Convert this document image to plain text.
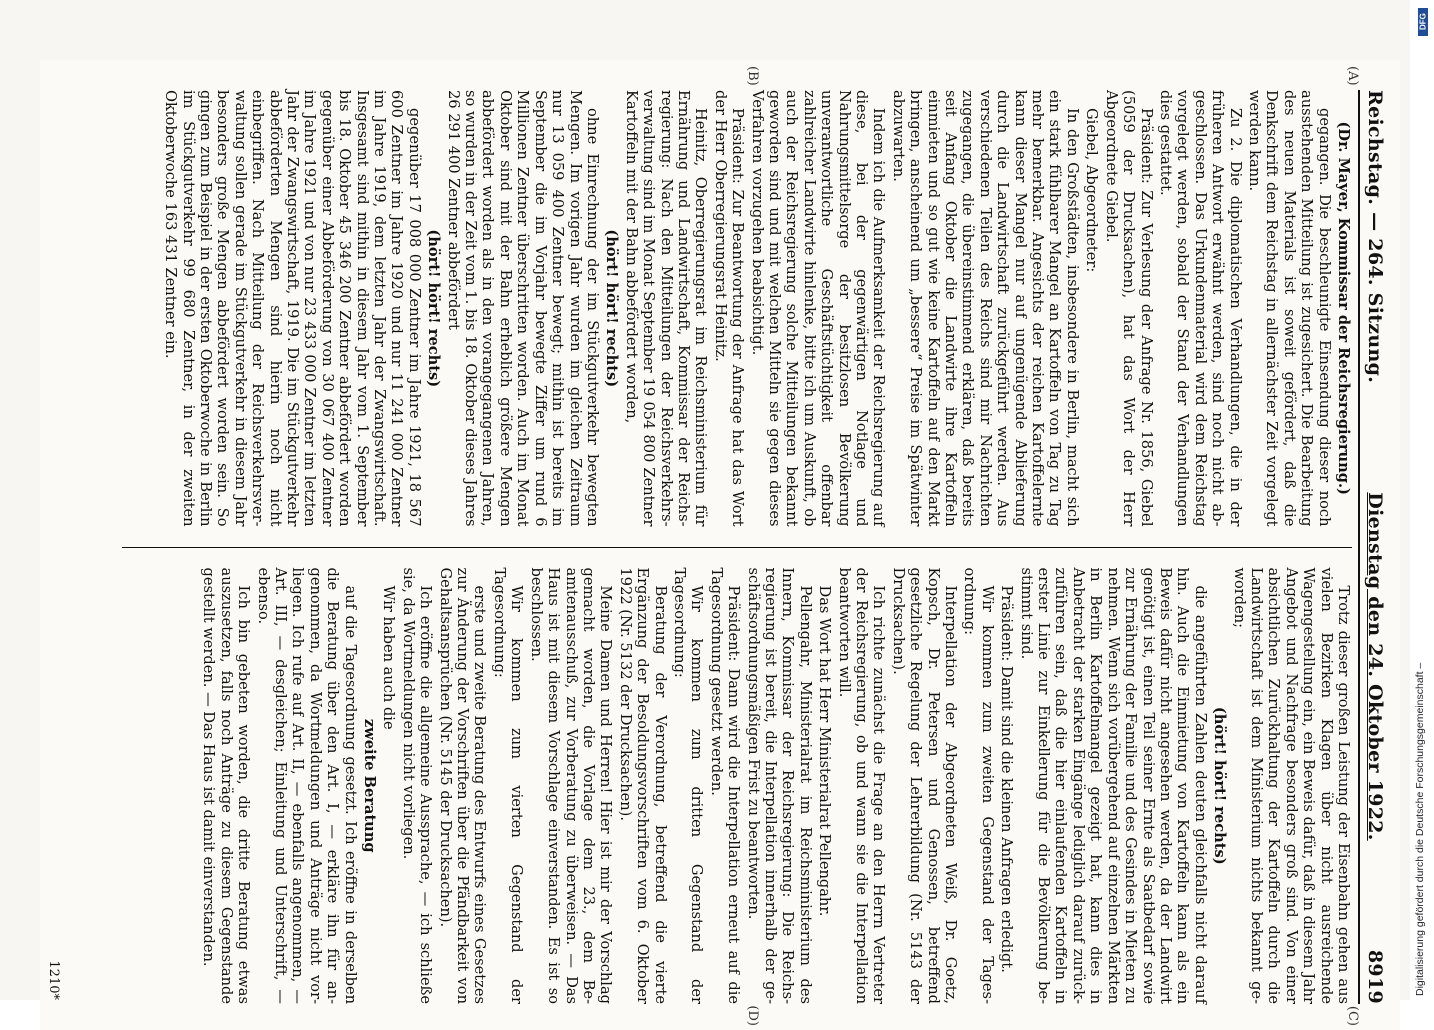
Reichstag. — 264. Sitzung.
Dienstag den 24. Oktober 1922.
8919

(Dr. Mayer, Kommissar der Reichsregierung.)

gegangen. Die beschleunigte Einsendung dieser noch ausstehenden Mitteilung ist zugesichert. Die Bearbeitung des neuen Materials ist soweit gefördert, daß die Denkschrift dem Reichstag in allernächster Zeit vorgelegt werden kann.

Zu 2. Die diplomatischen Verhandlungen, die in der früheren Antwort erwähnt werden, sind noch nicht abgeschlossen. Das Urkundenmaterial wird dem Reichstag vorgelegt werden, sobald der Stand der Verhandlungen dies gestattet.

Präsident: Zur Verlesung der Anfrage Nr. 1856, Giebel (5059 der Drucksachen), hat das Wort der Herr Abgeordnete Giebel.

Giebel, Abgeordneter:

In den Großstädten, insbesondere in Berlin, macht sich ein stark fühlbarer Mangel an Kartoffeln von Tag zu Tag mehr bemerkbar. Angesichts der reichen Kartoffelernte kann dieser Mangel nur auf ungenügende Ablieferung durch die Landwirtschaft zurückgeführt werden. Aus verschiedenen Teilen des Reichs sind mir Nachrichten zugegangen, die übereinstimmend erklären, daß bereits seit Anfang Oktober die Landwirte ihre Kartoffeln einmieten und so gut wie keine Kartoffeln auf den Markt bringen, anscheinend um „bessere“ Preise im Spätwinter abzuwarten.

Indem ich die Aufmerksamkeit der Reichsregierung auf diese, bei der gegenwärtigen Notlage und Nahrungsmittelsorge der besitzlosen Bevölkerung unverantwortliche Geschäftstüchtigkeit offenbar zahlreicher Landwirte hinlenke, bitte ich um Auskunft, ob auch der Reichsregierung solche Mitteilungen bekannt geworden sind und mit welchen Mitteln sie gegen dieses Verfahren vorzugehen beabsichtigt.

Präsident: Zur Beantwortung der Anfrage hat das Wort der Herr Oberregierungsrat Heinitz.

Heinitz, Oberregierungsrat im Reichsministerium für Ernährung und Landwirtschaft, Kommissar der Reichsregierung: Nach den Mitteilungen der Reichsverkehrsverwaltung sind im Monat September 19 054 800 Zentner Kartoffeln mit der Bahn abbefördert worden,

(hört! hört! rechts)

ohne Einrechnung der im Stückgutverkehr bewegten Mengen. Im vorigen Jahr wurden im gleichen Zeitraum nur 13 059 400 Zentner bewegt; mithin ist bereits im September die im Vorjahr bewegte Ziffer um rund 6 Millionen Zentner überschritten worden. Auch im Monat Oktober sind mit der Bahn erheblich größere Mengen abbefördert worden als in den vorangegangenen Jahren, so wurden in der Zeit vom 1. bis 18. Oktober dieses Jahres 26 291 400 Zentner abbefördert

(hört! hört! rechts)

gegenüber 17 008 000 Zentner im Jahre 1921, 18 567 600 Zentner im Jahre 1920 und nur 11 241 000 Zentner im Jahre 1919, dem letzten Jahr der Zwangswirtschaft. Insgesamt sind mithin in diesem Jahr vom 1. September bis 18. Oktober 45 346 200 Zentner abbefördert worden gegenüber einer Abbeförderung von 30 067 400 Zentner im Jahre 1921 und von nur 23 433 000 Zentner im letzten Jahr der Zwangswirtschaft, 1919. Die im Stückgutverkehr abbeförderten Mengen sind hierin noch nicht einbegriffen. Nach Mitteilung der Reichsverkehrsverwaltung sollen gerade im Stückgutverkehr in diesem Jahr besonders große Mengen abbefördert worden sein. So gingen zum Beispiel in der ersten Oktoberwoche in Berlin im Stückgutverkehr 99 680 Zentner, in der zweiten Oktoberwoche 163 431 Zentner ein.

Trotz dieser großen Leistung der Eisenbahn gehen aus vielen Bezirken Klagen über nicht ausreichende Wagengestellung ein, ein Beweis dafür, daß in diesem Jahr Angebot und Nachfrage besonders groß sind. Von einer absichtlichen Zurückhaltung der Kartoffeln durch die Landwirtschaft ist dem Ministerium nichts bekannt geworden;

(hört! hört! rechts)

die angeführten Zahlen deuten gleichfalls nicht darauf hin. Auch die Einmietung von Kartoffeln kann als ein Beweis dafür nicht angesehen werden, da der Landwirt genötigt ist, einen Teil seiner Ernte als Saatbedarf sowie zur Ernährung der Familie und des Gesindes in Mieten zu nehmen. Wenn sich vorübergehend auf einzelnen Märkten in Berlin Kartoffelmangel gezeigt hat, kann dies in Anbetracht der starken Eingänge lediglich darauf zurückzuführen sein, daß die hier einlaufenden Kartoffeln in erster Linie zur Einkellerung für die Bevölkerung bestimmt sind.

Präsident: Damit sind die kleinen Anfragen erledigt.

Wir kommen zum zweiten Gegenstand der Tagesordnung:

Interpellation der Abgeordneten Weiß, Dr. Goetz, Kopsch, Dr. Petersen und Genossen, betreffend gesetzliche Regelung der Lehrerbildung (Nr. 5143 der Drucksachen).

Ich richte zunächst die Frage an den Herrn Vertreter der Reichsregierung, ob und wann sie die Interpellation beantworten will.

Das Wort hat Herr Ministerialrat Pellengahr.

Pellengahr, Ministerialrat im Reichsministerium des Innern, Kommissar der Reichsregierung: Die Reichsregierung ist bereit, die Interpellation innerhalb der geschäftsordnungsmäßigen Frist zu beantworten.

Präsident: Dann wird die Interpellation erneut auf die Tagesordnung gesetzt werden.

Wir kommen zum dritten Gegenstand der Tagesordnung:

Beratung der Verordnung, betreffend die vierte Ergänzung der Besoldungsvorschriften vom 6. Oktober 1922 (Nr. 5132 der Drucksachen).

Meine Damen und Herren! Hier ist mir der Vorschlag gemacht worden, die Vorlage dem 23., dem Beamtenausschuß, zur Vorberatung zu überweisen. — Das Haus ist mit diesem Vorschlage einverstanden. Es ist so beschlossen.

Wir kommen zum vierten Gegenstand der Tagesordnung:

erste und zweite Beratung des Entwurfs eines Gesetzes zur Änderung der Vorschriften über die Pfändbarkeit von Gehaltsansprüchen (Nr. 5145 der Drucksachen).

Ich eröffne die allgemeine Aussprache, — ich schließe sie, da Wortmeldungen nicht vorliegen.

Wir haben auch die

zweite Beratung

auf die Tagesordnung gesetzt. Ich eröffne in derselben die Beratung über den Art. I, — erkläre ihn für angenommen, da Wortmeldungen und Anträge nicht vorliegen. Ich rufe auf Art. II, — ebenfalls angenommen, — Art. III, — desgleichen; Einleitung und Unterschrift, — ebenso.

Ich bin gebeten worden, die dritte Beratung etwas auszusetzen, falls noch Anträge zu diesem Gegenstande gestellt werden. — Das Haus ist damit einverstanden.

(A)
(B)
(C)
(D)
1210*
DFG
Digitalisierung gefördert durch die Deutsche Forschungsgemeinschaft –
